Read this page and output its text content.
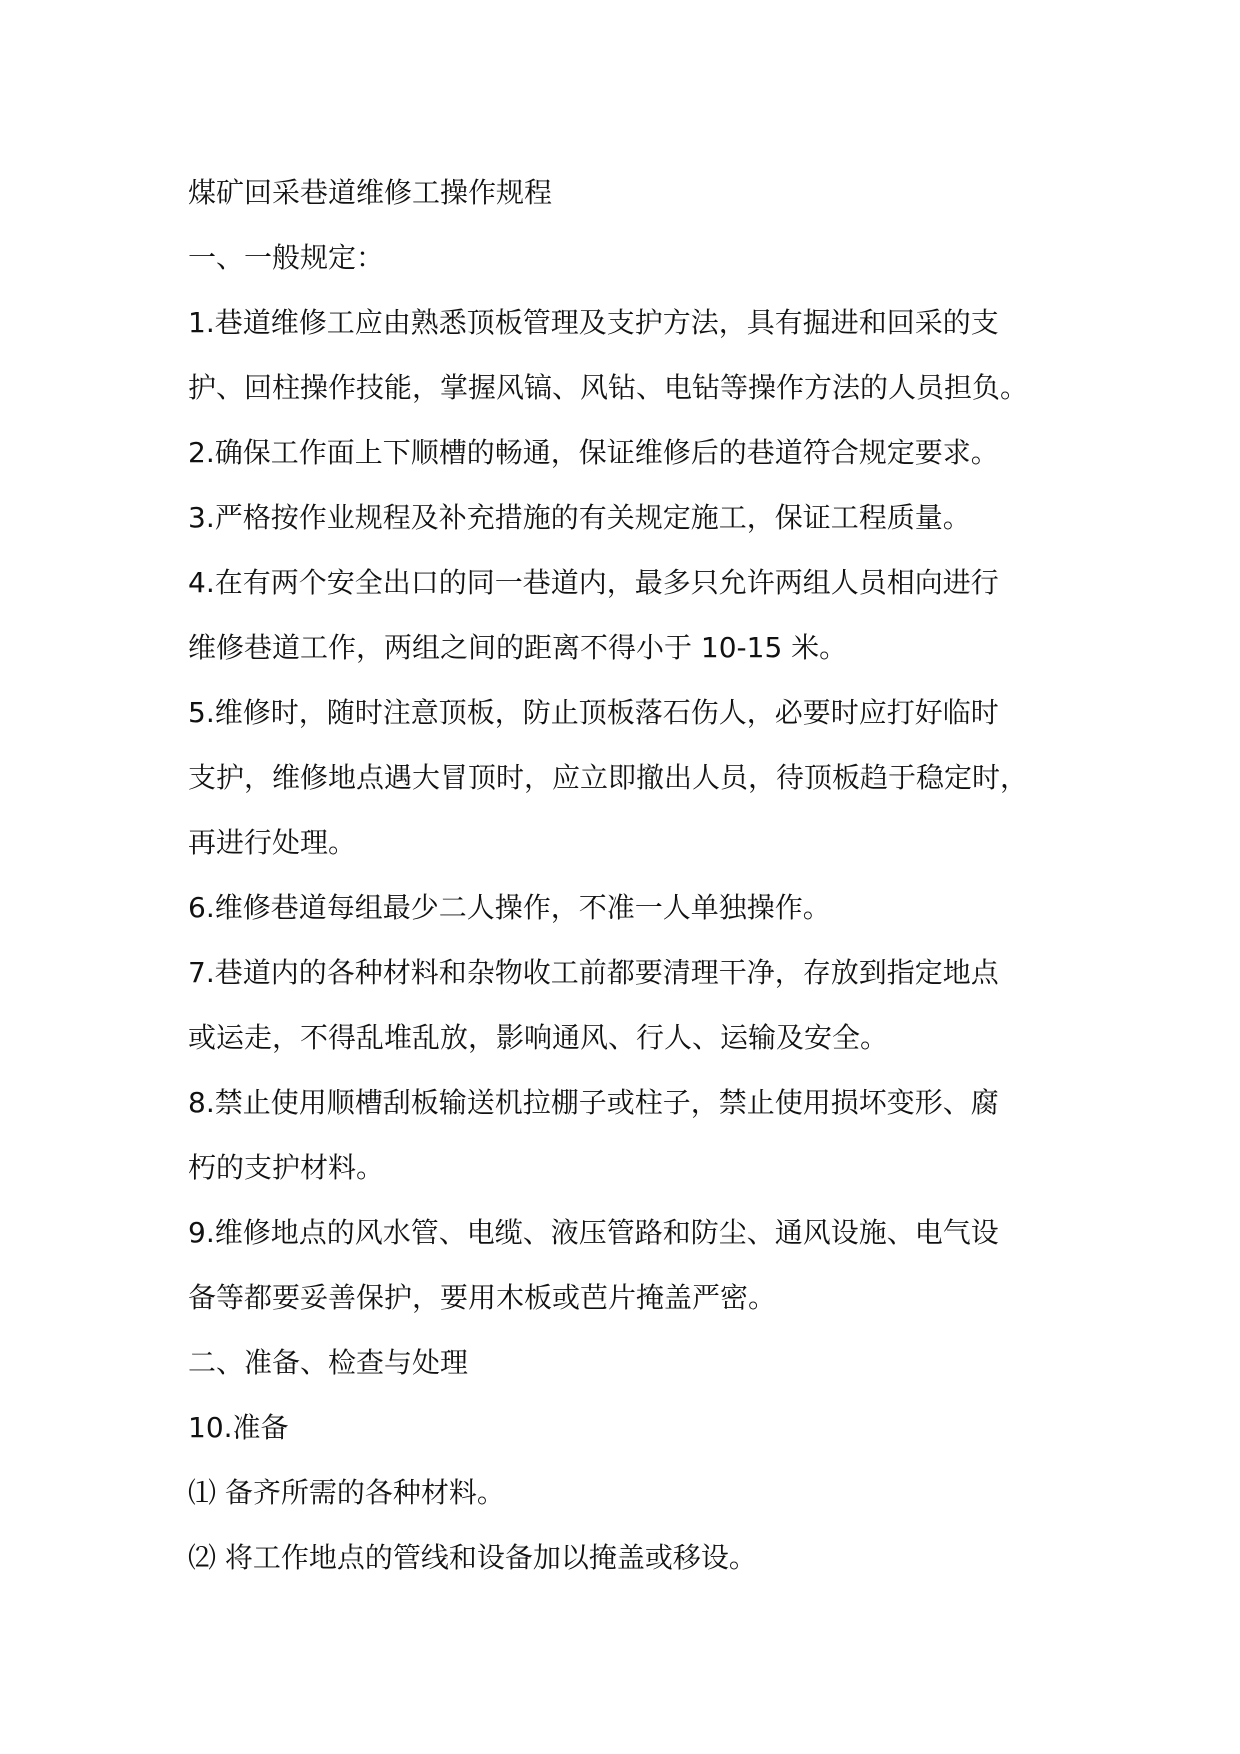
煤矿回采巷道维修工操作规程
一、一般规定：
1.巷道维修工应由熟悉顶板管理及支护方法，具有掘进和回采的支
护、回柱操作技能，掌握风镐、风钻、电钻等操作方法的人员担负。
2.确保工作面上下顺槽的畅通，保证维修后的巷道符合规定要求。
3.严格按作业规程及补充措施的有关规定施工，保证工程质量。
4.在有两个安全出口的同一巷道内，最多只允许两组人员相向进行
维修巷道工作，两组之间的距离不得小于 10-15 米。
5.维修时，随时注意顶板，防止顶板落石伤人，必要时应打好临时
支护，维修地点遇大冒顶时，应立即撤出人员，待顶板趋于稳定时，
再进行处理。
6.维修巷道每组最少二人操作，不准一人单独操作。
7.巷道内的各种材料和杂物收工前都要清理干净，存放到指定地点
或运走，不得乱堆乱放，影响通风、行人、运输及安全。
8.禁止使用顺槽刮板输送机拉棚子或柱子，禁止使用损坏变形、腐
朽的支护材料。
9.维修地点的风水管、电缆、液压管路和防尘、通风设施、电气设
备等都要妥善保护，要用木板或芭片掩盖严密。
二、准备、检查与处理
10.准备
⑴ 备齐所需的各种材料。
⑵ 将工作地点的管线和设备加以掩盖或移设。
